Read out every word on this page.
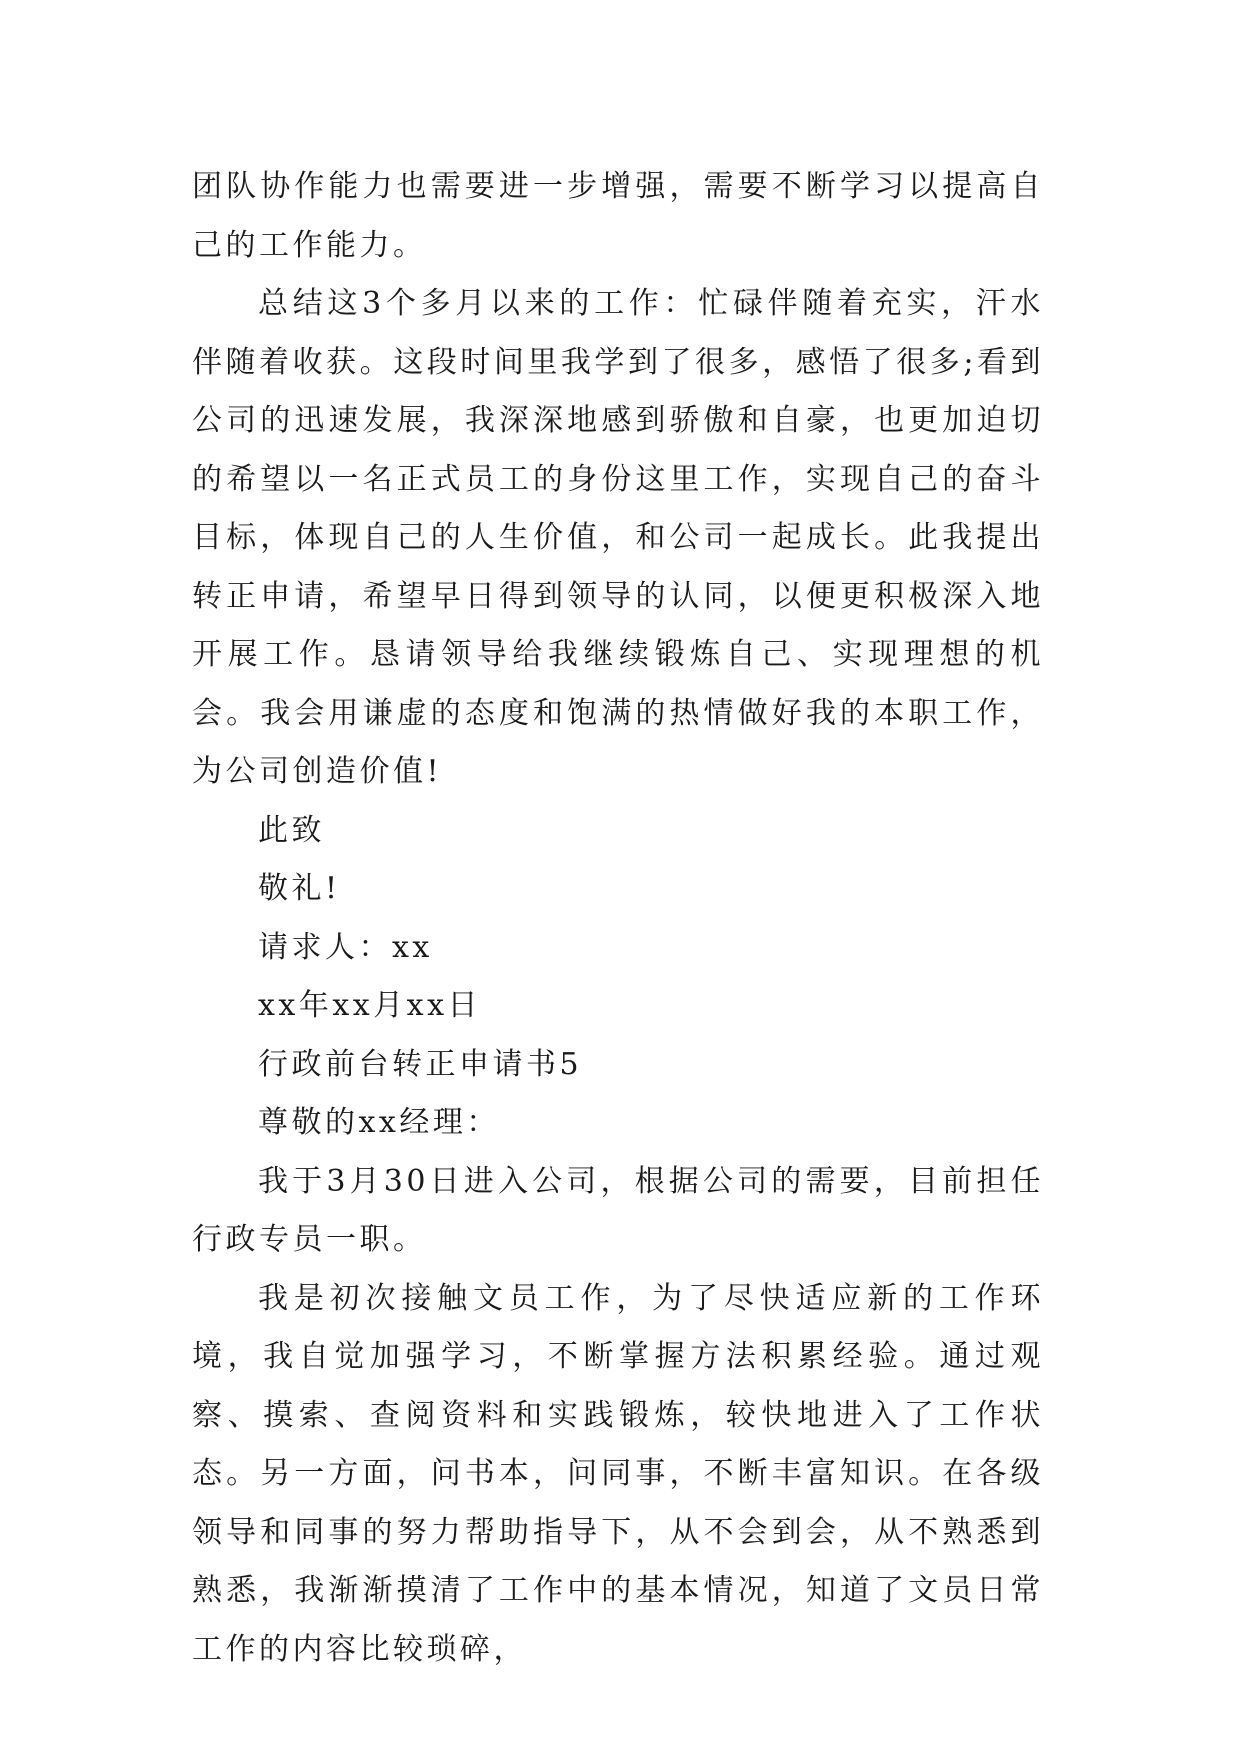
团队协作能力也需要进一步增强，需要不断学习以提高自己的工作能力。

总结这3个多月以来的工作：忙碌伴随着充实，汗水伴随着收获。这段时间里我学到了很多，感悟了很多;看到公司的迅速发展，我深深地感到骄傲和自豪，也更加迫切的希望以一名正式员工的身份这里工作，实现自己的奋斗目标，体现自己的人生价值，和公司一起成长。此我提出转正申请，希望早日得到领导的认同，以便更积极深入地开展工作。恳请领导给我继续锻炼自己、实现理想的机会。我会用谦虚的态度和饱满的热情做好我的本职工作，为公司创造价值!

此致

敬礼!

请求人：xx

xx年xx月xx日

行政前台转正申请书5

尊敬的xx经理：

我于3月30日进入公司，根据公司的需要，目前担任行政专员一职。

我是初次接触文员工作，为了尽快适应新的工作环境，我自觉加强学习，不断掌握方法积累经验。通过观察、摸索、查阅资料和实践锻炼，较快地进入了工作状态。另一方面，问书本，问同事，不断丰富知识。在各级领导和同事的努力帮助指导下，从不会到会，从不熟悉到熟悉，我渐渐摸清了工作中的基本情况，知道了文员日常工作的内容比较琐碎，
